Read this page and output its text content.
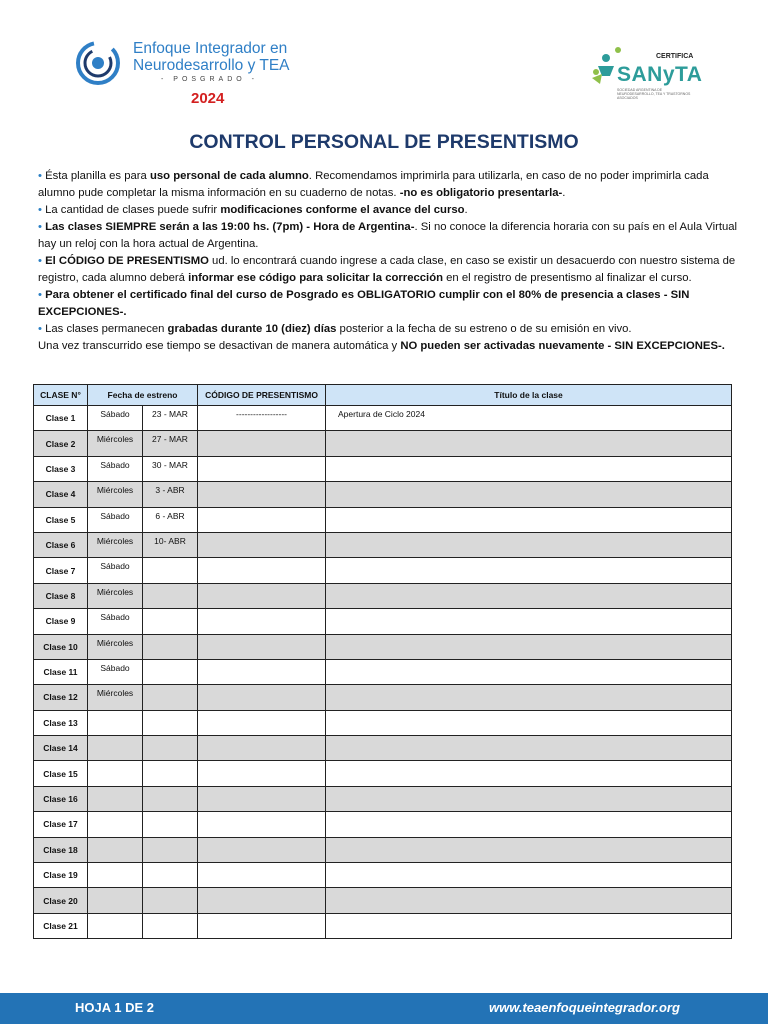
Enfoque Integrador en
Neurodesarrollo y TEA
- POSGRADO -
2024
CERTIFICA
SANyTA
SOCIEDAD ARGENTINA DE NEURODESARROLLO, TEA Y TRASTORNOS ASOCIADOS
CONTROL PERSONAL DE PRESENTISMO

• Ésta planilla es para uso personal de cada alumno. Recomendamos imprimirla para utilizarla, en caso de no poder imprimirla cada alumno pude completar la misma información en su cuaderno de notas. -no es obligatorio presentarla-.

• La cantidad de clases puede sufrir modificaciones conforme el avance del curso.

• Las clases SIEMPRE serán a las 19:00 hs. (7pm) - Hora de Argentina-. Si no conoce la diferencia horaria con su país en el Aula Virtual hay un reloj con la hora actual de Argentina.

• El CÓDIGO DE PRESENTISMO ud. lo encontrará cuando ingrese a cada clase, en caso se existir un desacuerdo con nuestro sistema de registro, cada alumno deberá informar ese código para solicitar la corrección en el registro de presentismo al finalizar el curso.

• Para obtener el certificado final del curso de Posgrado es OBLIGATORIO cumplir con el 80% de presencia a clases - SIN EXCEPCIONES-.

• Las clases permanecen grabadas durante 10 (diez) días posterior a la fecha de su estreno o de su emisión en vivo.

Una vez transcurrido ese tiempo se desactivan de manera automática y NO pueden ser activadas nuevamente - SIN EXCEPCIONES-.

CLASE N°	Fecha de estreno		CÓDIGO DE PRESENTISMO	Título de la clase
Clase 1	Sábado	23 - MAR	------------------	Apertura de Ciclo 2024
Clase 2	Miércoles	27 - MAR		
Clase 3	Sábado	30 - MAR		
Clase 4	Miércoles	3 - ABR		
Clase 5	Sábado	6 - ABR		
Clase 6	Miércoles	10- ABR		
Clase 7	Sábado			
Clase 8	Miércoles			
Clase 9	Sábado			
Clase 10	Miércoles			
Clase 11	Sábado			
Clase 12	Miércoles			
Clase 13				
Clase 14				
Clase 15				
Clase 16				
Clase 17				
Clase 18				
Clase 19				
Clase 20				
Clase 21				
HOJA 1 DE 2	www.teaenfoqueintegrador.org
